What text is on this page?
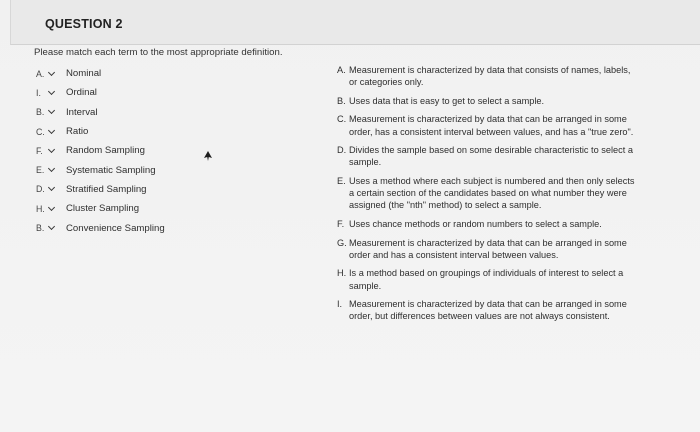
QUESTION 2
Please match each term to the most appropriate definition.
A. Nominal
I.	Ordinal
B. Interval
C. Ratio
F.	Random Sampling
E. Systematic Sampling
D. Stratified Sampling
H. Cluster Sampling
B. Convenience Sampling
A. Measurement is characterized by data that consists of names, labels, or categories only.
B. Uses data that is easy to get to select a sample.
C. Measurement is characterized by data that can be arranged in some order, has a consistent interval between values, and has a "true zero".
D. Divides the sample based on some desirable characteristic to select a sample.
E. Uses a method where each subject is numbered and then only selects a certain section of the candidates based on what number they were assigned (the "nth" method) to select a sample.
F. Uses chance methods or random numbers to select a sample.
G. Measurement is characterized by data that can be arranged in some order and has a consistent interval between values.
H. Is a method based on groupings of individuals of interest to select a sample.
I. Measurement is characterized by data that can be arranged in some order, but differences between values are not always consistent.
